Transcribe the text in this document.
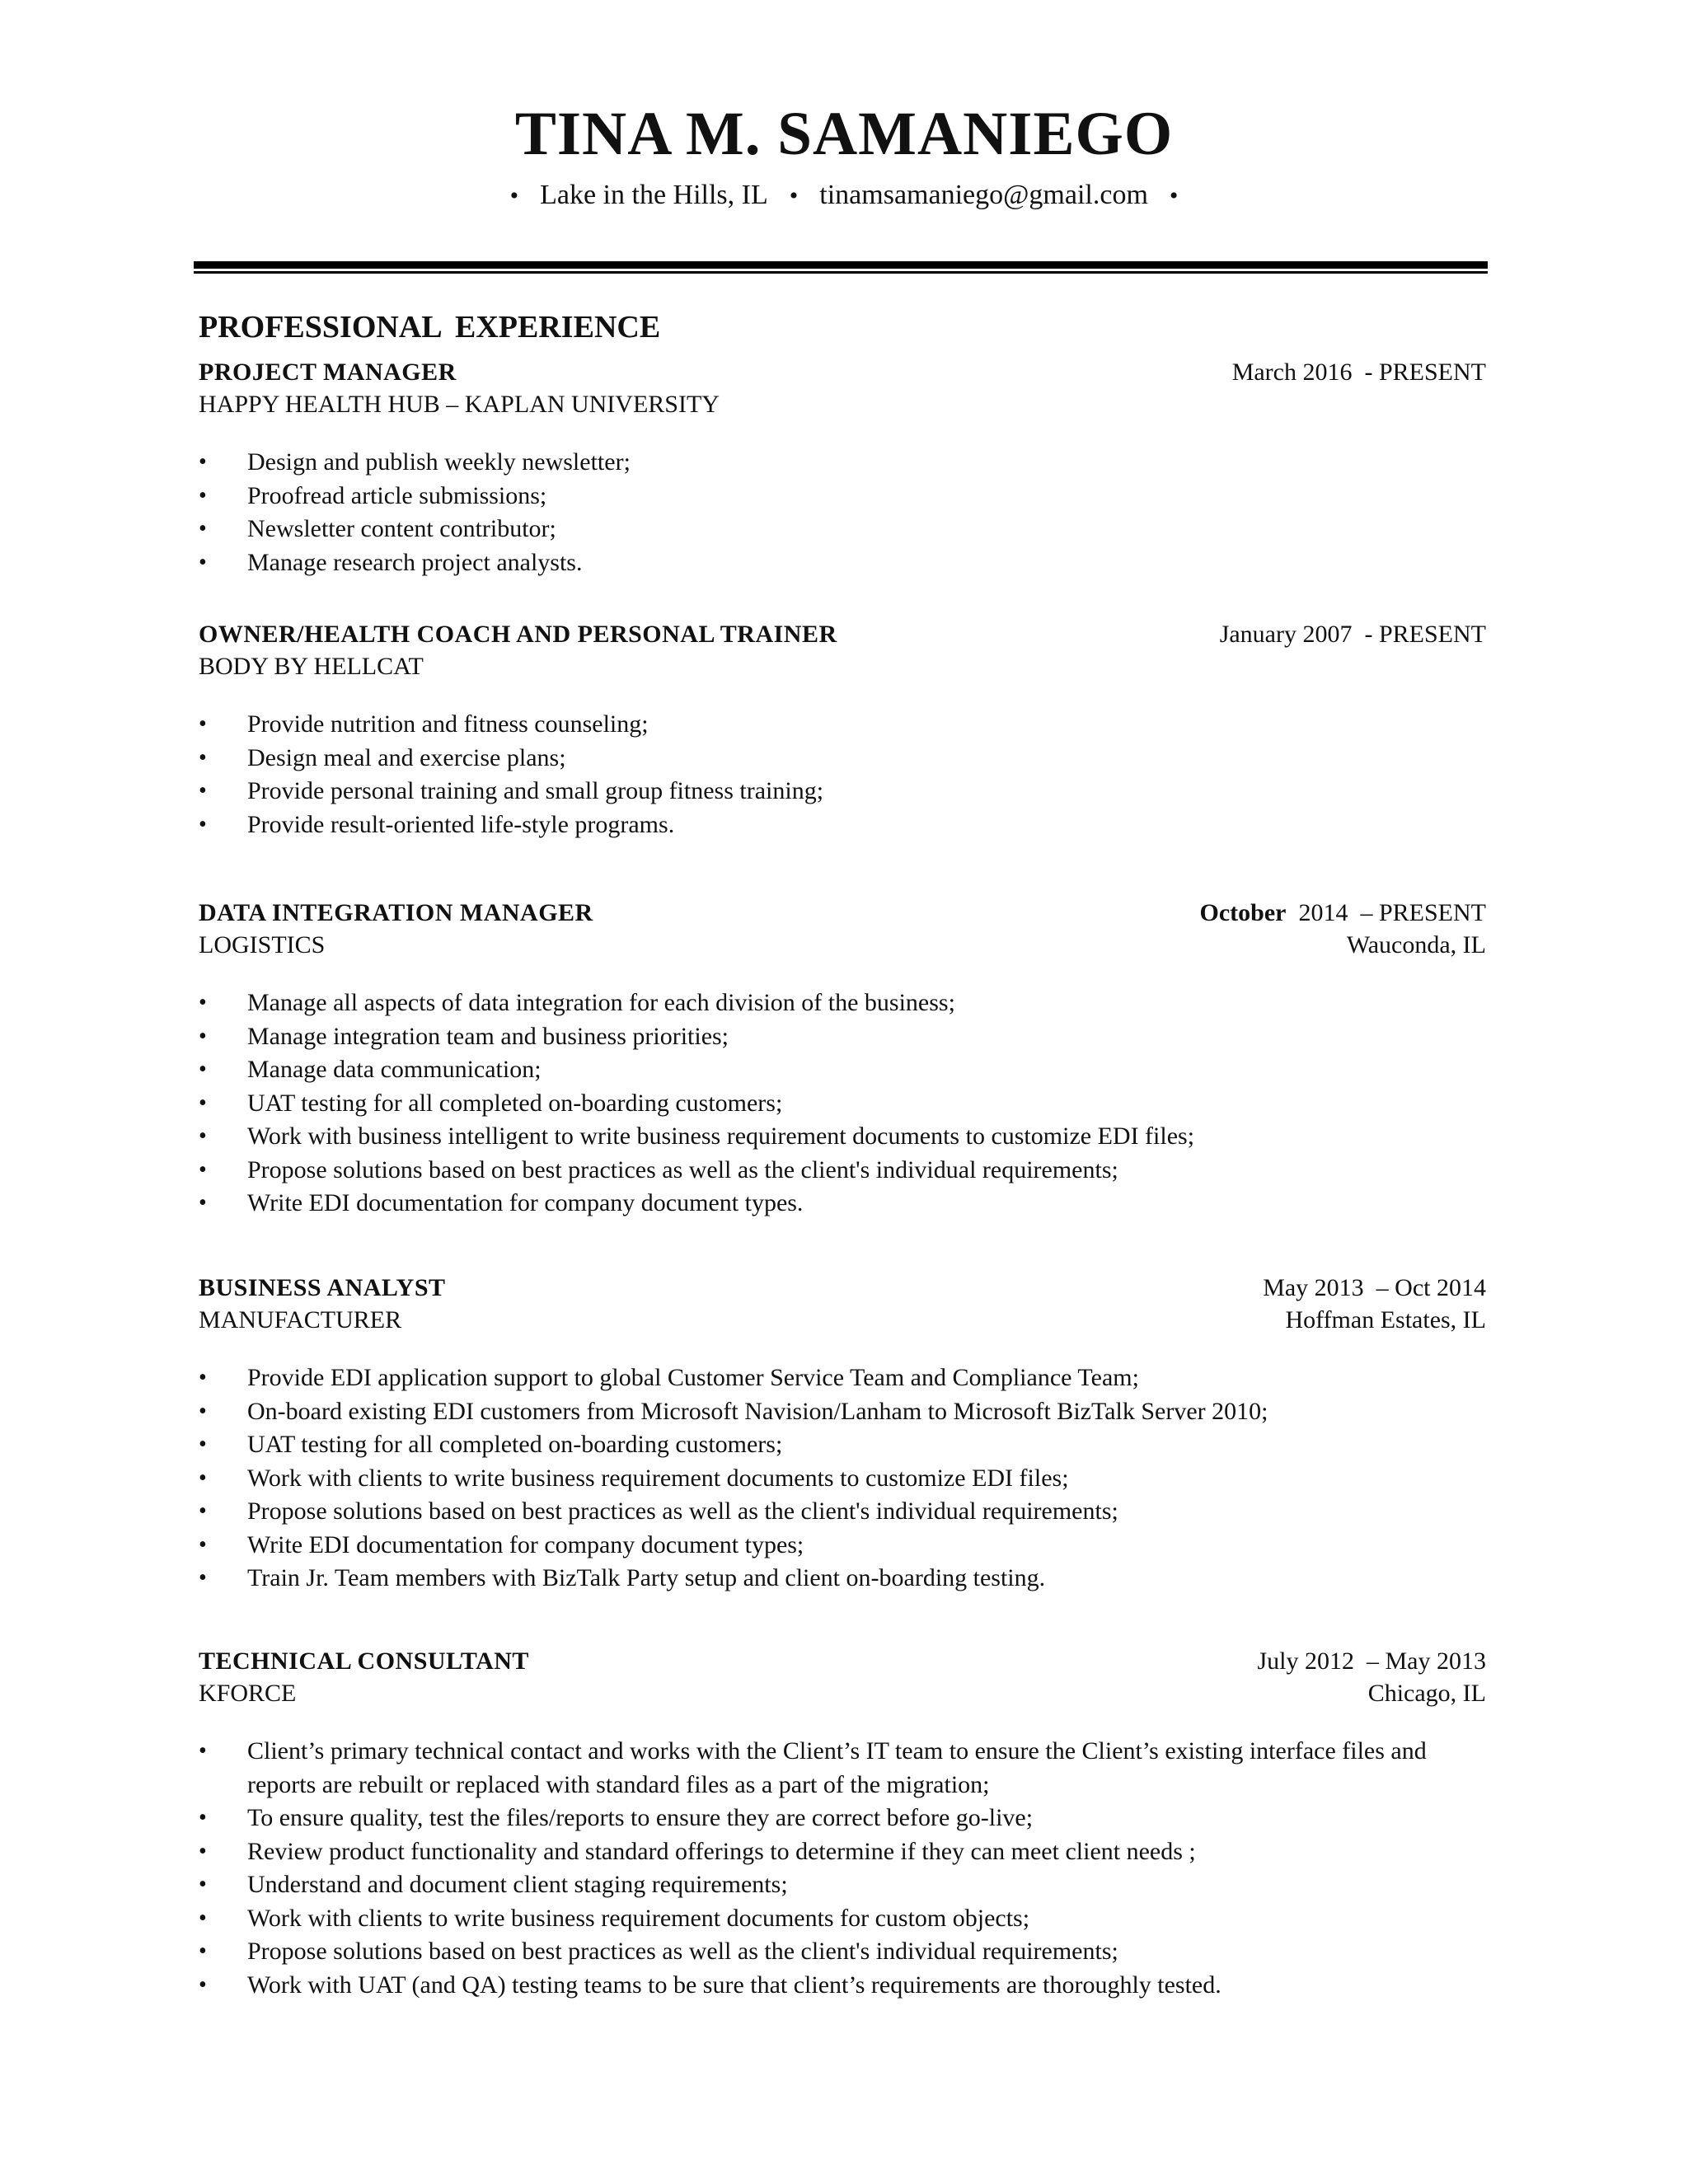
TINA M. SAMANIEGO
• Lake in the Hills, IL • tinamsamaniego@gmail.com •
PROFESSIONAL EXPERIENCE
PROJECT MANAGER	March 2016  - PRESENT
HAPPY HEALTH HUB – KAPLAN UNIVERSITY
• Design and publish weekly newsletter;
• Proofread article submissions;
• Newsletter content contributor;
• Manage research project analysts.
OWNER/HEALTH COACH AND PERSONAL TRAINER	January 2007  - PRESENT
BODY BY HELLCAT
• Provide nutrition and fitness counseling;
• Design meal and exercise plans;
• Provide personal training and small group fitness training;
• Provide result-oriented life-style programs.
DATA INTEGRATION MANAGER	October  2014  – PRESENT
LOGISTICS	Wauconda, IL
• Manage all aspects of data integration for each division of the business;
• Manage integration team and business priorities;
• Manage data communication;
• UAT testing for all completed on-boarding customers;
• Work with business intelligent to write business requirement documents to customize EDI files;
• Propose solutions based on best practices as well as the client's individual requirements;
• Write EDI documentation for company document types.
BUSINESS ANALYST	May 2013  – Oct 2014
MANUFACTURER	Hoffman Estates, IL
• Provide EDI application support to global Customer Service Team and Compliance Team;
• On-board existing EDI customers from Microsoft Navision/Lanham to Microsoft BizTalk Server 2010;
• UAT testing for all completed on-boarding customers;
• Work with clients to write business requirement documents to customize EDI files;
• Propose solutions based on best practices as well as the client's individual requirements;
• Write EDI documentation for company document types;
• Train Jr. Team members with BizTalk Party setup and client on-boarding testing.
TECHNICAL CONSULTANT	July 2012  – May 2013
KFORCE	Chicago, IL
• Client’s primary technical contact and works with the Client’s IT team to ensure the Client’s existing interface files and reports are rebuilt or replaced with standard files as a part of the migration;
• To ensure quality, test the files/reports to ensure they are correct before go-live;
• Review product functionality and standard offerings to determine if they can meet client needs ;
• Understand and document client staging requirements;
• Work with clients to write business requirement documents for custom objects;
• Propose solutions based on best practices as well as the client's individual requirements;
• Work with UAT (and QA) testing teams to be sure that client’s requirements are thoroughly tested.
